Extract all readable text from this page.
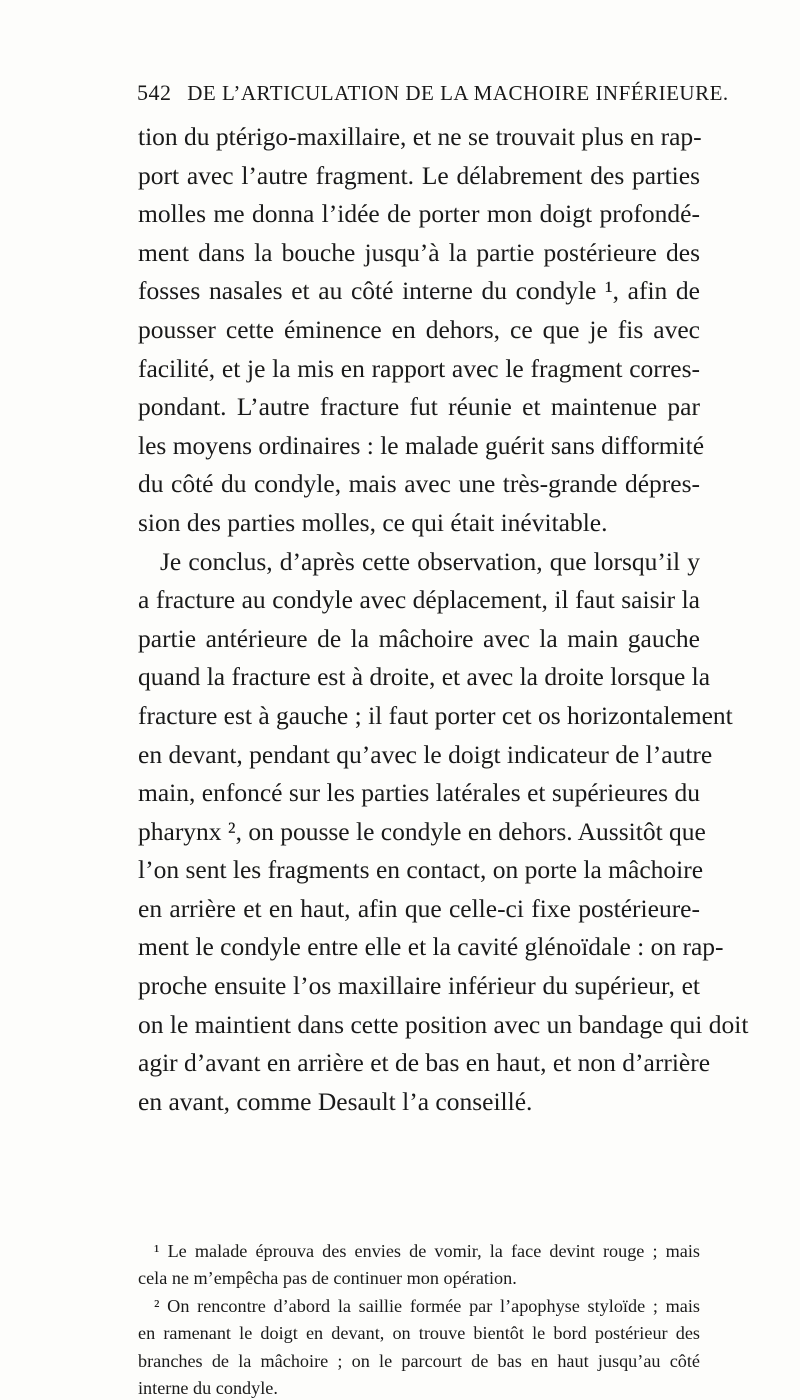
542 DE L’ARTICULATION DE LA MACHOIRE INFÉRIEURE.
tion du ptérigo-maxillaire, et ne se trouvait plus en rap-
port avec l’autre fragment. Le délabrement des parties
molles me donna l’idée de porter mon doigt profondé-
ment dans la bouche jusqu’à la partie postérieure des
fosses nasales et au côté interne du condyle ¹, afin de
pousser cette éminence en dehors, ce que je fis avec
facilité, et je la mis en rapport avec le fragment corres-
pondant. L’autre fracture fut réunie et maintenue par
les moyens ordinaires : le malade guérit sans difformité
du côté du condyle, mais avec une très-grande dépres-
sion des parties molles, ce qui était inévitable.
Je conclus, d’après cette observation, que lorsqu’il y
a fracture au condyle avec déplacement, il faut saisir la
partie antérieure de la mâchoire avec la main gauche
quand la fracture est à droite, et avec la droite lorsque la
fracture est à gauche ; il faut porter cet os horizontalement
en devant, pendant qu’avec le doigt indicateur de l’autre
main, enfoncé sur les parties latérales et supérieures du
pharynx ², on pousse le condyle en dehors. Aussitôt que
l’on sent les fragments en contact, on porte la mâchoire
en arrière et en haut, afin que celle-ci fixe postérieure-
ment le condyle entre elle et la cavité glénoïdale : on rap-
proche ensuite l’os maxillaire inférieur du supérieur, et
on le maintient dans cette position avec un bandage qui doit
agir d’avant en arrière et de bas en haut, et non d’arrière
en avant, comme Desault l’a conseillé.
¹ Le malade éprouva des envies de vomir, la face devint rouge ; mais
cela ne m’empêcha pas de continuer mon opération.
² On rencontre d’abord la saillie formée par l’apophyse styloïde ; mais
en ramenant le doigt en devant, on trouve bientôt le bord postérieur des
branches de la mâchoire ; on le parcourt de bas en haut jusqu’au côté
interne du condyle.
